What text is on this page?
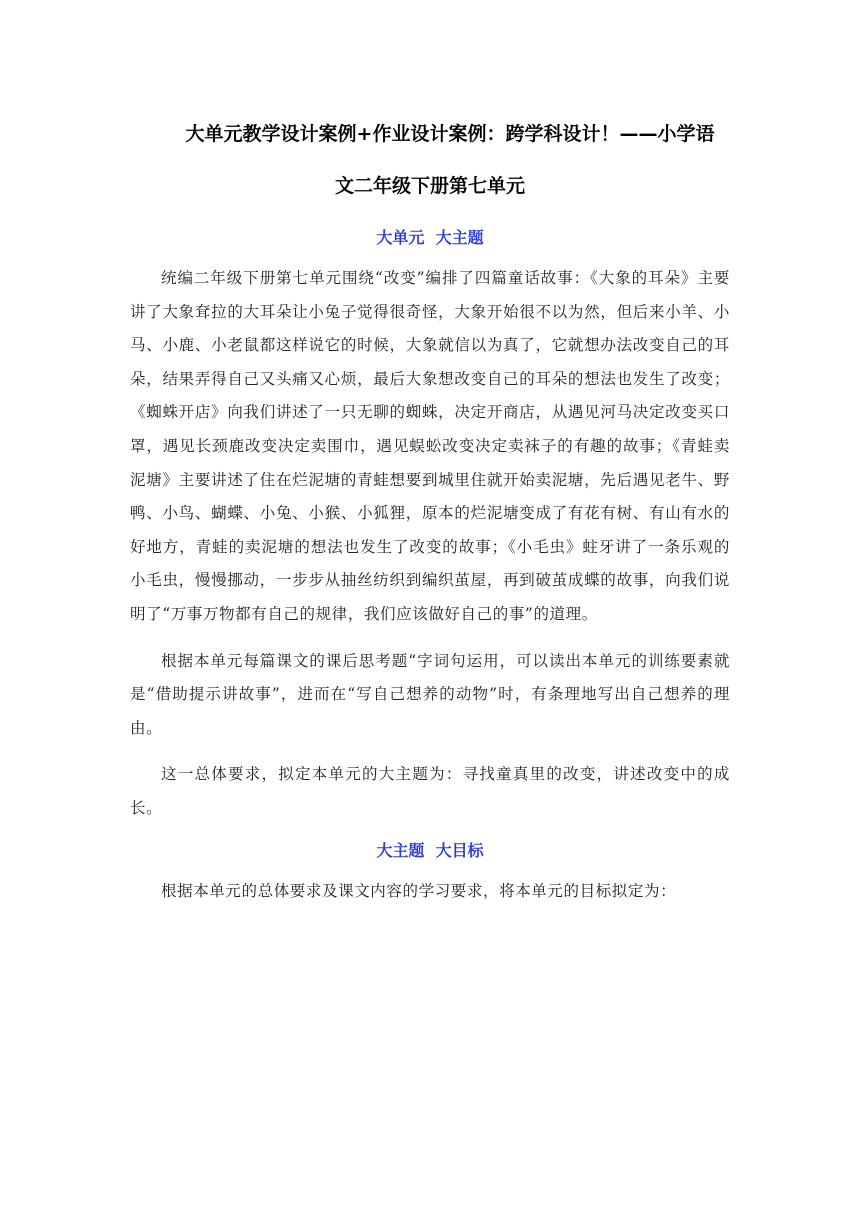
大单元教学设计案例+作业设计案例：跨学科设计！——小学语
文二年级下册第七单元
大单元  大主题

统编二年级下册第七单元围绕“改变”编排了四篇童话故事：《大象的耳朵》主要讲了大象耷拉的大耳朵让小兔子觉得很奇怪，大象开始很不以为然，但后来小羊、小马、小鹿、小老鼠都这样说它的时候，大象就信以为真了，它就想办法改变自己的耳朵，结果弄得自己又头痛又心烦，最后大象想改变自己的耳朵的想法也发生了改变；《蜘蛛开店》向我们讲述了一只无聊的蜘蛛，决定开商店，从遇见河马决定改变买口罩，遇见长颈鹿改变决定卖围巾，遇见蜈蚣改变决定卖袜子的有趣的故事；《青蛙卖泥塘》主要讲述了住在烂泥塘的青蛙想要到城里住就开始卖泥塘，先后遇见老牛、野鸭、小鸟、蝴蝶、小兔、小猴、小狐狸，原本的烂泥塘变成了有花有树、有山有水的好地方，青蛙的卖泥塘的想法也发生了改变的故事；《小毛虫》蛀牙讲了一条乐观的小毛虫，慢慢挪动，一步步从抽丝纺织到编织茧屋，再到破茧成蝶的故事，向我们说明了“万事万物都有自己的规律，我们应该做好自己的事”的道理。

根据本单元每篇课文的课后思考题“字词句运用，可以读出本单元的训练要素就是“借助提示讲故事”，进而在“写自己想养的动物”时，有条理地写出自己想养的理由。

这一总体要求，拟定本单元的大主题为：寻找童真里的改变，讲述改变中的成长。

大主题  大目标

根据本单元的总体要求及课文内容的学习要求，将本单元的目标拟定为：
